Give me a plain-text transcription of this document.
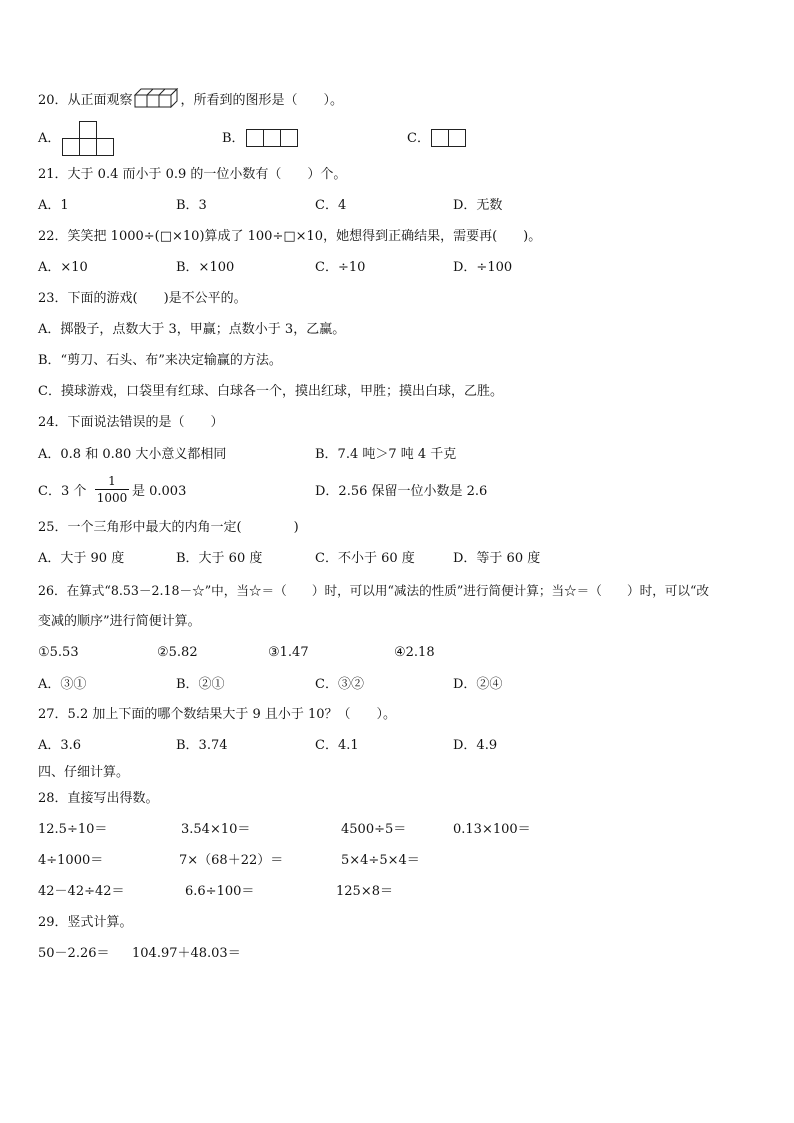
20．从正面观察	，所看到的图形是（　　）。
A．	B．	C．
21．大于 0.4 而小于 0.9 的一位小数有（　　）个。
A．1	B．3	C．4	D．无数
22．笑笑把 1000÷(□×10)算成了 100÷□×10，她想得到正确结果，需要再(　　)。
A．×10	B．×100	C．÷10	D．÷100
23．下面的游戏(　　)是不公平的。
A．掷骰子，点数大于 3，甲赢；点数小于 3，乙赢。
B．“剪刀、石头、布”来决定输赢的方法。
C．摸球游戏，口袋里有红球、白球各一个，摸出红球，甲胜；摸出白球，乙胜。
24．下面说法错误的是（　　）
A．0.8 和 0.80 大小意义都相同	B．7.4 吨＞7 吨 4 千克
C．3 个
1
1000 是 0.003	D．2.56 保留一位小数是 2.6
25．一个三角形中最大的内角一定(　　　　)
A．大于 90 度	B．大于 60 度	C．不小于 60 度	D．等于 60 度
26．在算式“8.53－2.18－☆”中，当☆＝（　　）时，可以用“减法的性质”进行简便计算；当☆＝（　　）时，可以“改
变减的顺序”进行简便计算。
①5.53	②5.82	③1.47	④2.18
A．③①	B．②①	C．③②	D．②④
27．5.2 加上下面的哪个数结果大于 9 且小于 10？（　　）。
A．3.6	B．3.74	C．4.1	D．4.9
四、仔细计算。
28．直接写出得数。
12.5÷10＝	3.54×10＝	4500÷5＝	0.13×100＝
4÷1000＝	7×（68＋22）＝	5×4÷5×4＝
42－42÷42＝	6.6÷100＝	125×8＝
29．竖式计算。
50－2.26＝ 104.97＋48.03＝
